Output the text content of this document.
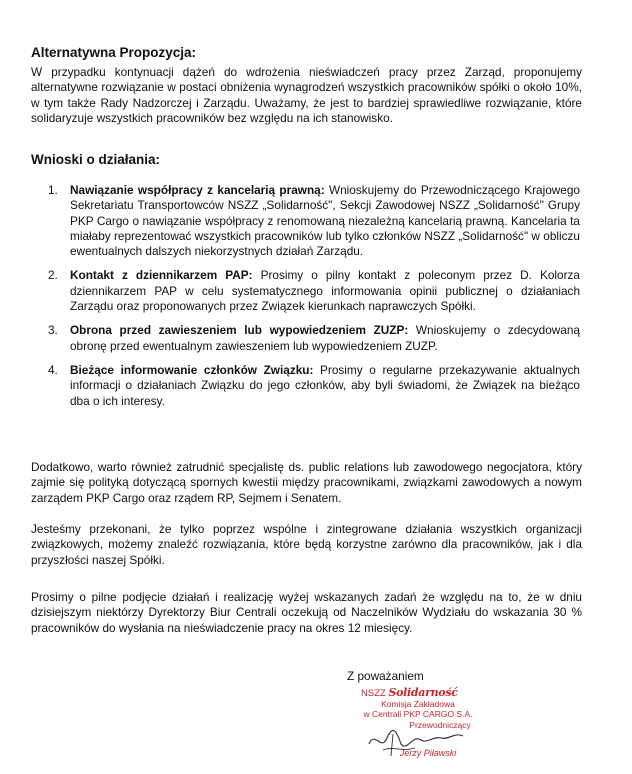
Alternatywna Propozycja:

W przypadku kontynuacji dążeń do wdrożenia nieświadczeń pracy przez Zarząd, proponujemy alternatywne rozwiązanie w postaci obniżenia wynagrodzeń wszystkich pracowników spółki o około 10%, w tym także Rady Nadzorczej i Zarządu. Uważamy, że jest to bardziej sprawiedliwe rozwiązanie, które solidaryzuje wszystkich pracowników bez względu na ich stanowisko.

Wnioski o działania:
1. Nawiązanie współpracy z kancelarią prawną: Wnioskujemy do Przewodniczącego Krajowego Sekretariatu Transportowców NSZZ „Solidarność", Sekcji Zawodowej NSZZ „Solidarność" Grupy PKP Cargo o nawiązanie współpracy z renomowaną niezależną kancelarią prawną. Kancelaria ta miałaby reprezentować wszystkich pracowników lub tylko członków NSZZ „Solidarność" w obliczu ewentualnych dalszych niekorzystnych działań Zarządu.
2. Kontakt z dziennikarzem PAP: Prosimy o pilny kontakt z poleconym przez D. Kolorza dziennikarzem PAP w celu systematycznego informowania opinii publicznej o działaniach Zarządu oraz proponowanych przez Związek kierunkach naprawczych Spółki.
3. Obrona przed zawieszeniem lub wypowiedzeniem ZUZP: Wnioskujemy o zdecydowaną obronę przed ewentualnym zawieszeniem lub wypowiedzeniem ZUZP.
4. Bieżące informowanie członków Związku: Prosimy o regularne przekazywanie aktualnych informacji o działaniach Związku do jego członków, aby byli świadomi, że Związek na bieżąco dba o ich interesy.

Dodatkowo, warto również zatrudnić specjalistę ds. public relations lub zawodowego negocjatora, który zajmie się polityką dotyczącą spornych kwestii między pracownikami, związkami zawodowych a nowym zarządem PKP Cargo oraz rządem RP, Sejmem i Senatem.

Jesteśmy przekonani, że tylko poprzez wspólne i zintegrowane działania wszystkich organizacji związkowych, możemy znaleźć rozwiązania, które będą korzystne zarówno dla pracowników, jak i dla przyszłości naszej Spółki.

Prosimy o pilne podjęcie działań i realizację wyżej wskazanych zadań że względu na to, że w dniu dzisiejszym niektórzy Dyrektorzy Biur Centrali oczekują od Naczelników Wydziału do wskazania 30 % pracowników do wysłania na nieświadczenie pracy na okres 12 miesięcy.

Z poważaniem
NSZZ Solidarność
Komisja Zakładowa
w Centrali PKP CARGO S.A.
Przewodniczący
Jerzy Piławski
